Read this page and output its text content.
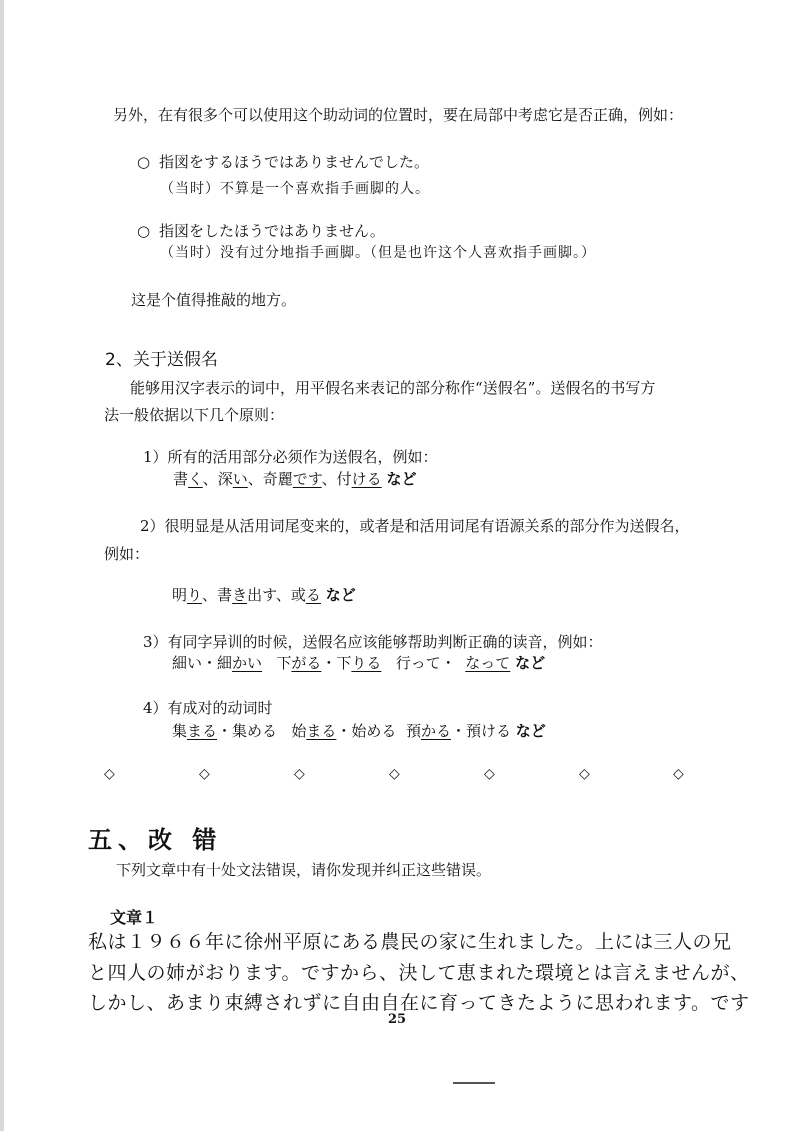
另外，在有很多个可以使用这个助动词的位置时，要在局部中考虑它是否正确，例如：
○ 指図をするほうではありませんでした。
（当时）不算是一个喜欢指手画脚的人。
○ 指図をしたほうではありません。
（当时）没有过分地指手画脚。（但是也许这个人喜欢指手画脚。）
这是个值得推敲的地方。
2、关于送假名
能够用汉字表示的词中，用平假名来表记的部分称作“送假名”。送假名的书写方
法一般依据以下几个原则：
1）所有的活用部分必须作为送假名，例如：
書く、深い、奇麗です、付ける など
2）很明显是从活用词尾变来的，或者是和活用词尾有语源关系的部分作为送假名，
例如：
明り、書き出す、或る など
3）有同字异训的时候，送假名应该能够帮助判断正确的读音，例如：
細い・細かい 下がる・下りる 行って・ なって など
4）有成对的动词时
集まる・集める 始まる・始める 預かる・預ける など
◇	◇	◇	◇	◇	◇	◇
五、改 错
下列文章中有十处文法错误，请你发现并纠正这些错误。
文章１
私は１９６６年に徐州平原にある農民の家に生れました。上には三人の兄
と四人の姉がおります。ですから、決して恵まれた環境とは言えませんが、
しかし、あまり束縛されずに自由自在に育ってきたように思われます。です
25
